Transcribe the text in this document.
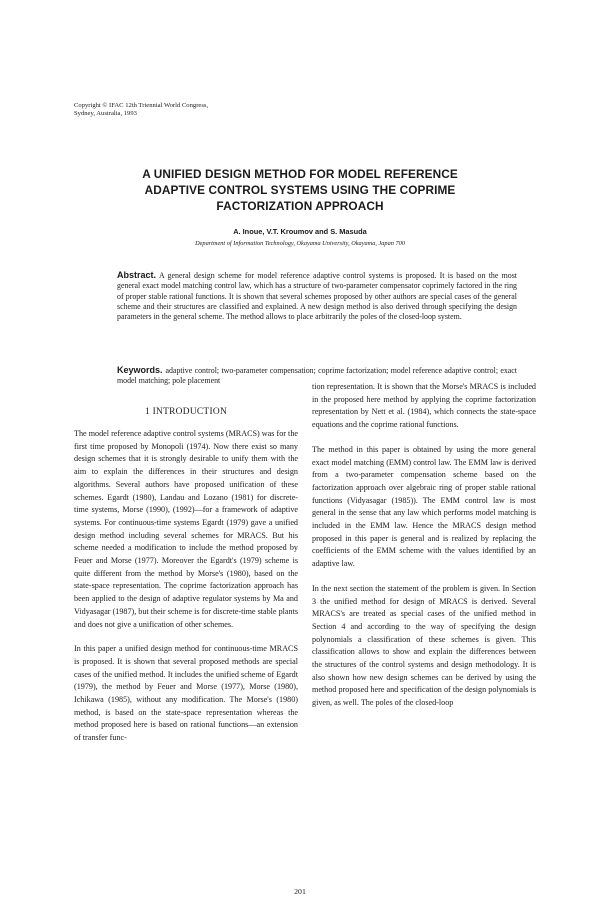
Copyright © IFAC 12th Triennial World Congress,
Sydney, Australia, 1993
A UNIFIED DESIGN METHOD FOR MODEL REFERENCE
ADAPTIVE CONTROL SYSTEMS USING THE COPRIME
FACTORIZATION APPROACH
A. Inoue, V.T. Kroumov and S. Masuda
Department of Information Technology, Okayama University, Okayama, Japan 700
Abstract. A general design scheme for model reference adaptive control systems is proposed. It is based on the most general exact model matching control law, which has a structure of two-parameter compensator coprimely factored in the ring of proper stable rational functions. It is shown that several schemes proposed by other authors are special cases of the general scheme and their structures are classified and explained. A new design method is also derived through specifying the design parameters in the general scheme. The method allows to place arbitrarily the poles of the closed-loop system.
Keywords. adaptive control; two-parameter compensation; coprime factorization; model reference adaptive control; exact model matching; pole placement
1 INTRODUCTION

The model reference adaptive control systems (MRACS) was for the first time proposed by Monopoli (1974). Now there exist so many design schemes that it is strongly desirable to unify them with the aim to explain the differences in their structures and design algorithms. Several authors have proposed unification of these schemes. Egardt (1980), Landau and Lozano (1981) for discrete-time systems, Morse (1990), (1992)—for a framework of adaptive systems. For continuous-time systems Egardt (1979) gave a unified design method including several schemes for MRACS. But his scheme needed a modification to include the method proposed by Feuer and Morse (1977). Moreover the Egardt's (1979) scheme is quite different from the method by Morse's (1980), based on the state-space representation. The coprime factorization approach has been applied to the design of adaptive regulator systems by Ma and Vidyasagar (1987), but their scheme is for discrete-time stable plants and does not give a unification of other schemes.

In this paper a unified design method for continuous-time MRACS is proposed. It is shown that several proposed methods are special cases of the unified method. It includes the unified scheme of Egardt (1979), the method by Feuer and Morse (1977), Morse (1980), Ichikawa (1985), without any modification. The Morse's (1980) method, is based on the state-space representation whereas the method proposed here is based on rational functions—an extension of transfer func-

tion representation. It is shown that the Morse's MRACS is included in the proposed here method by applying the coprime factorization representation by Nett et al. (1984), which connects the state-space equations and the coprime rational functions.

The method in this paper is obtained by using the more general exact model matching (EMM) control law. The EMM law is derived from a two-parameter compensation scheme based on the factorization approach over algebraic ring of proper stable rational functions (Vidyasagar (1985)). The EMM control law is most general in the sense that any law which performs model matching is included in the EMM law. Hence the MRACS design method proposed in this paper is general and is realized by replacing the coefficients of the EMM scheme with the values identified by an adaptive law.

In the next section the statement of the problem is given. In Section 3 the unified method for design of MRACS is derived. Several MRACS's are treated as special cases of the unified method in Section 4 and according to the way of specifying the design polynomials a classification of these schemes is given. This classification allows to show and explain the differences between the structures of the control systems and design methodology. It is also shown how new design schemes can be derived by using the method proposed here and specification of the design polynomials is given, as well. The poles of the closed-loop

201
